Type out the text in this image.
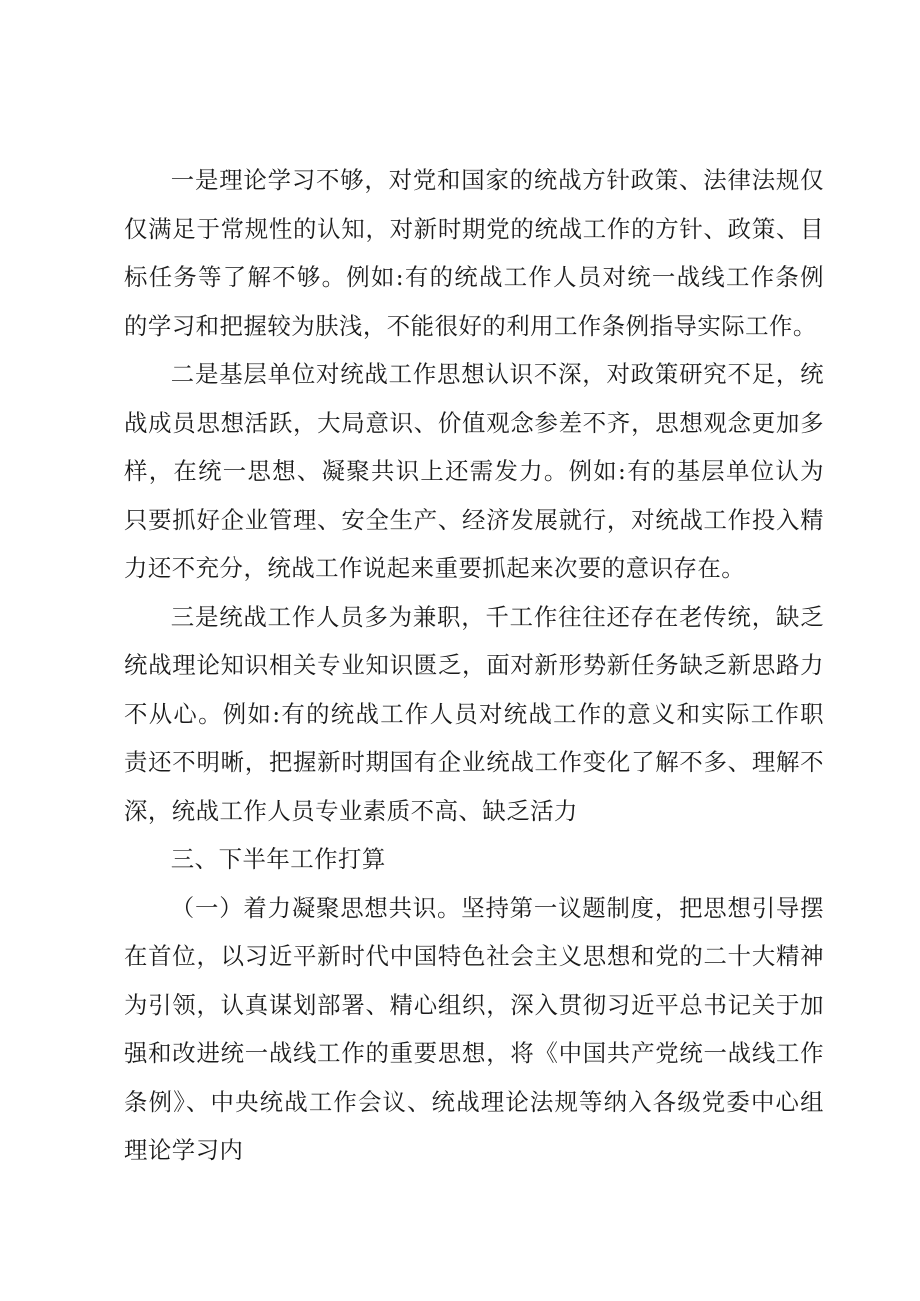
一是理论学习不够，对党和国家的统战方针政策、法律法规仅仅满足于常规性的认知，对新时期党的统战工作的方针、政策、目标任务等了解不够。例如:有的统战工作人员对统一战线工作条例的学习和把握较为肤浅，不能很好的利用工作条例指导实际工作。

二是基层单位对统战工作思想认识不深，对政策研究不足，统战成员思想活跃，大局意识、价值观念参差不齐，思想观念更加多样，在统一思想、凝聚共识上还需发力。例如:有的基层单位认为只要抓好企业管理、安全生产、经济发展就行，对统战工作投入精力还不充分，统战工作说起来重要抓起来次要的意识存在。

三是统战工作人员多为兼职，千工作往往还存在老传统，缺乏统战理论知识相关专业知识匮乏，面对新形势新任务缺乏新思路力不从心。例如:有的统战工作人员对统战工作的意义和实际工作职责还不明晰，把握新时期国有企业统战工作变化了解不多、理解不深，统战工作人员专业素质不高、缺乏活力

三、下半年工作打算

（一）着力凝聚思想共识。坚持第一议题制度，把思想引导摆在首位，以习近平新时代中国特色社会主义思想和党的二十大精神为引领，认真谋划部署、精心组织，深入贯彻习近平总书记关于加强和改进统一战线工作的重要思想，将《中国共产党统一战线工作条例》、中央统战工作会议、统战理论法规等纳入各级党委中心组理论学习内
